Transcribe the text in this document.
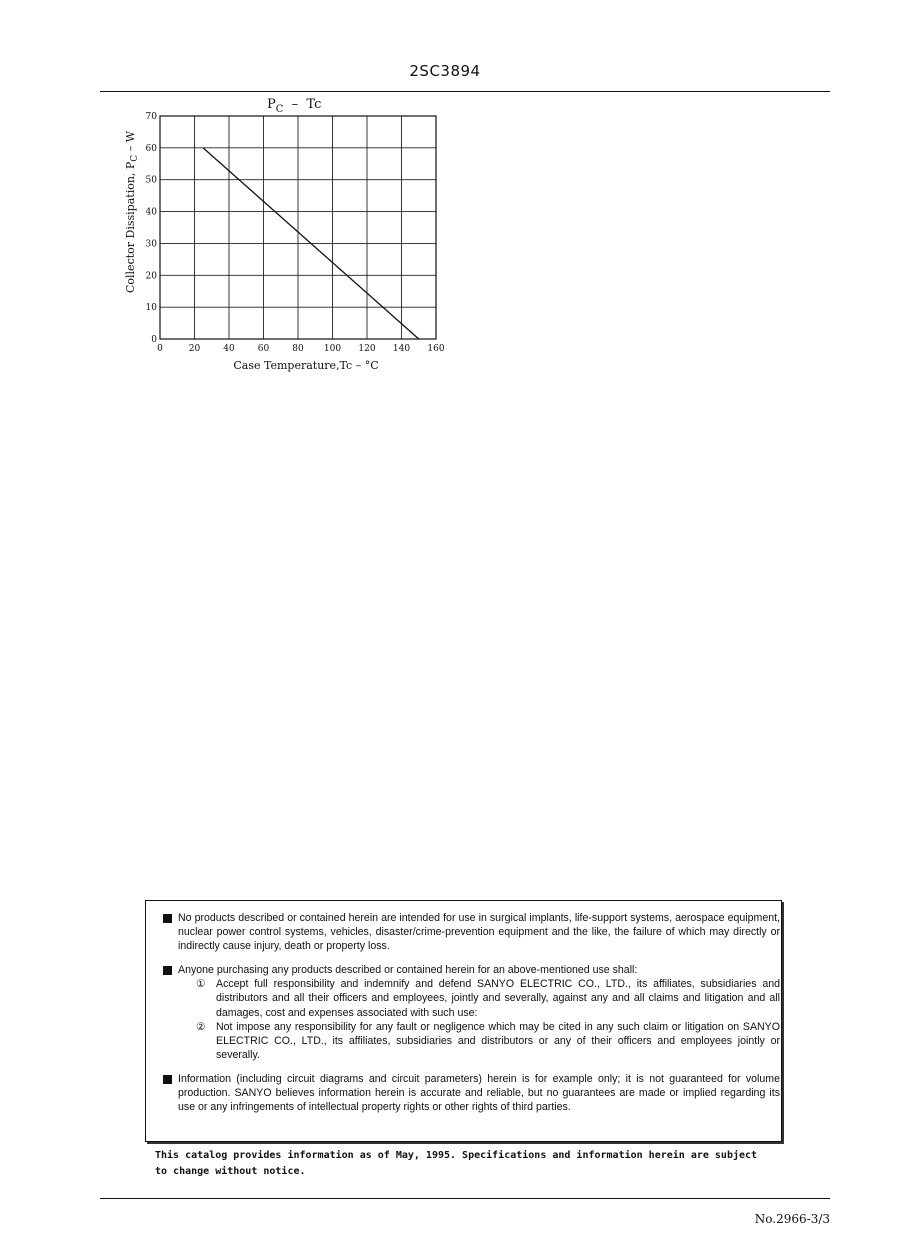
2SC3894
$P_C$  –  Tc
Collector Dissipation, $P_C$ – W
0	20	40	60	80 100 120 140 160
0
10
20
30
40
50
60
70
Case Temperature,Tc – °C
No products described or contained herein are intended for use in surgical implants, life-support systems, aerospace equipment, nuclear power control systems, vehicles, disaster/crime-prevention equipment and the like, the failure of which may directly or indirectly cause injury, death or property loss.
Anyone purchasing any products described or contained herein for an above-mentioned use shall:
① Accept full responsibility and indemnify and defend SANYO ELECTRIC CO., LTD., its affiliates, subsidiaries and distributors and all their officers and employees, jointly and severally, against any and all claims and litigation and all damages, cost and expenses associated with such use:
② Not impose any responsibility for any fault or negligence which may be cited in any such claim or litigation on SANYO ELECTRIC CO., LTD., its affiliates, subsidiaries and distributors or any of their officers and employees jointly or severally.
Information (including circuit diagrams and circuit parameters) herein is for example only; it is not guaranteed for volume production. SANYO believes information herein is accurate and reliable, but no guarantees are made or implied regarding its use or any infringements of intellectual property rights or other rights of third parties.
This catalog provides information as of May, 1995. Specifications and information herein are subject to change without notice.
No.2966-3/3
